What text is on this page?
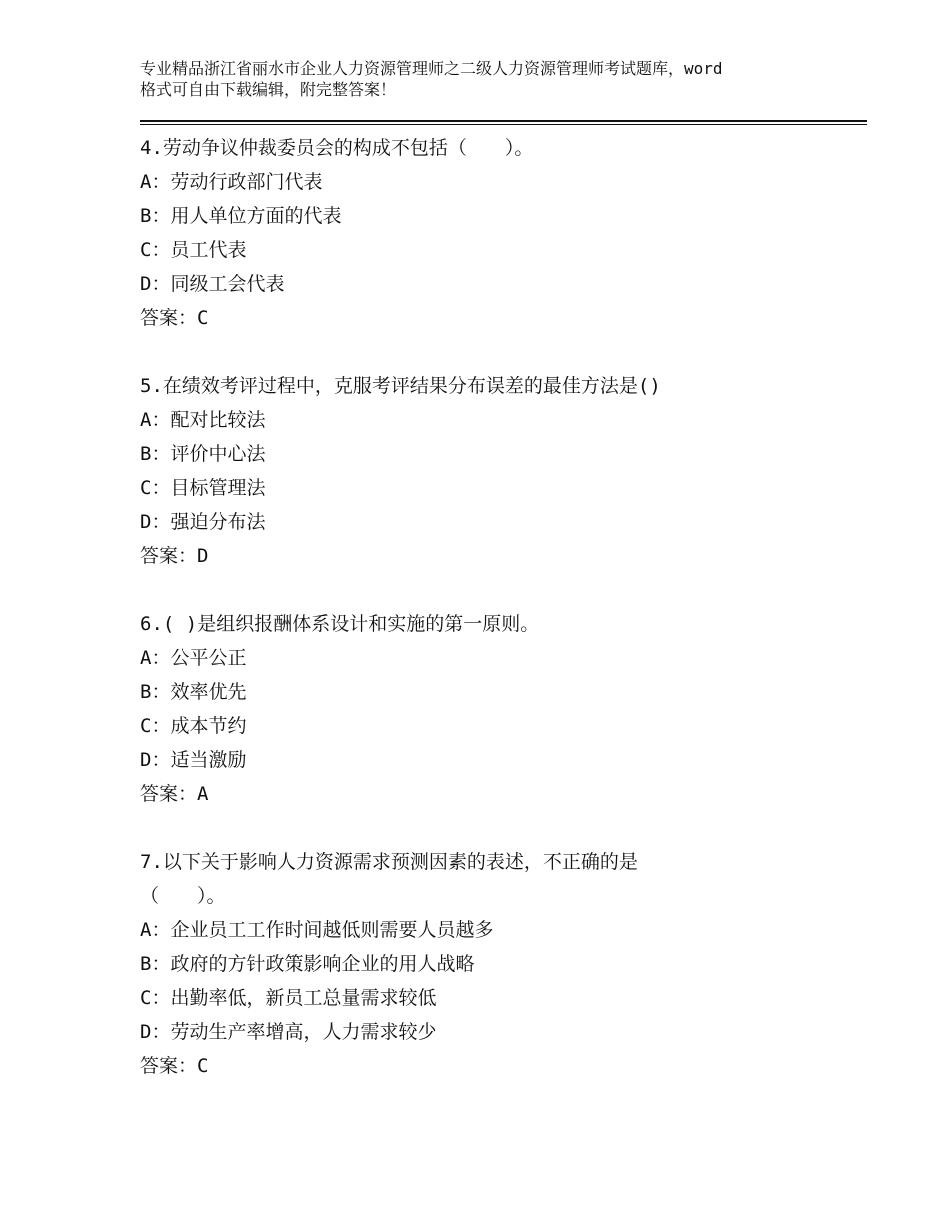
专业精品浙江省丽水市企业人力资源管理师之二级人力资源管理师考试题库，word
格式可自由下载编辑，附完整答案！
4.劳动争议仲裁委员会的构成不包括（　　）。
A：劳动行政部门代表
B：用人单位方面的代表
C：员工代表
D：同级工会代表
答案：C
5.在绩效考评过程中，克服考评结果分布误差的最佳方法是()
A：配对比较法
B：评价中心法
C：目标管理法
D：强迫分布法
答案：D
6.( )是组织报酬体系设计和实施的第一原则。
A：公平公正
B：效率优先
C：成本节约
D：适当激励
答案：A
7.以下关于影响人力资源需求预测因素的表述，不正确的是
（　　）。
A：企业员工工作时间越低则需要人员越多
B：政府的方针政策影响企业的用人战略
C：出勤率低，新员工总量需求较低
D：劳动生产率增高，人力需求较少
答案：C
